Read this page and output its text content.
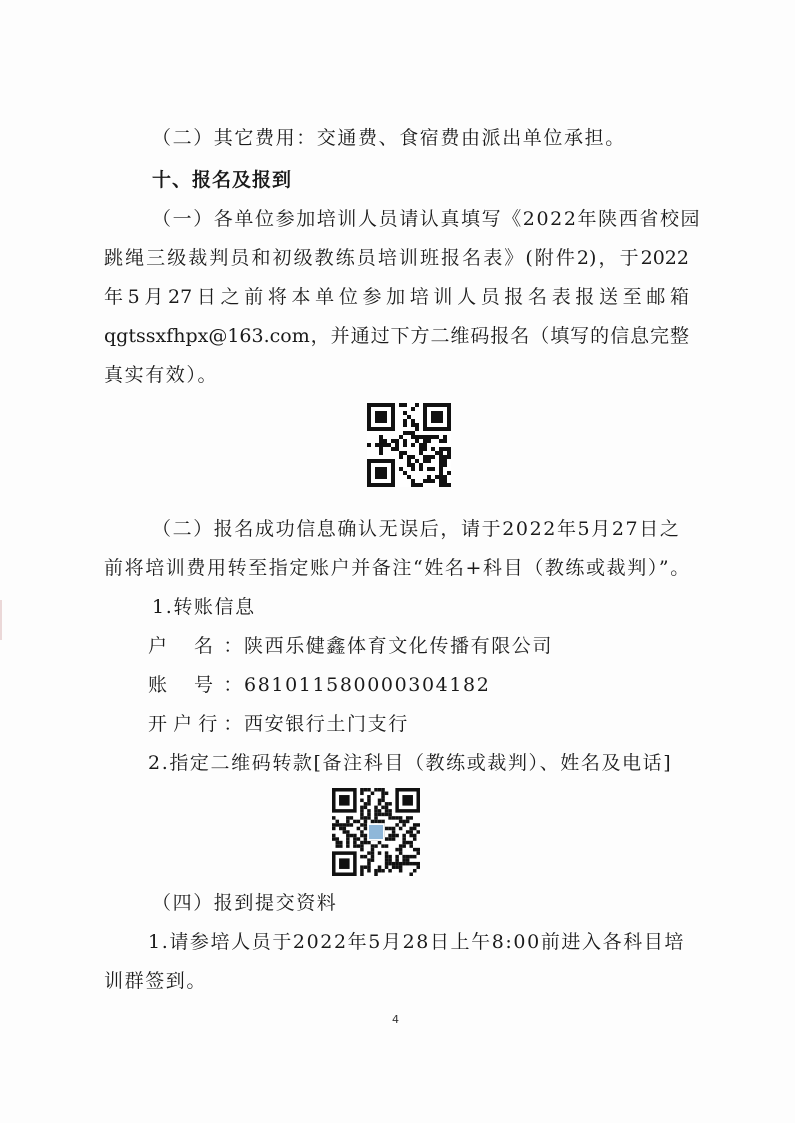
（二）其它费用：交通费、食宿费由派出单位承担。
十、报名及报到
（一）各单位参加培训人员请认真填写《2022年陕西省校园
跳绳三级裁判员和初级教练员培训班报名表》(附件2)，于2022
年5月27日之前将本单位参加培训人员报名表报送至邮箱
qgtssxfhpx@163.com，并通过下方二维码报名（填写的信息完整
真实有效）。
（二）报名成功信息确认无误后，请于2022年5月27日之
前将培训费用转至指定账户并备注“姓名+科目（教练或裁判）”。
1.转账信息
户 名：陕西乐健鑫体育文化传播有限公司
账 号：681011580000304182
开户行：西安银行土门支行
2.指定二维码转款[备注科目（教练或裁判）、姓名及电话]
（四）报到提交资料
1.请参培人员于2022年5月28日上午8:00前进入各科目培
训群签到。
4
